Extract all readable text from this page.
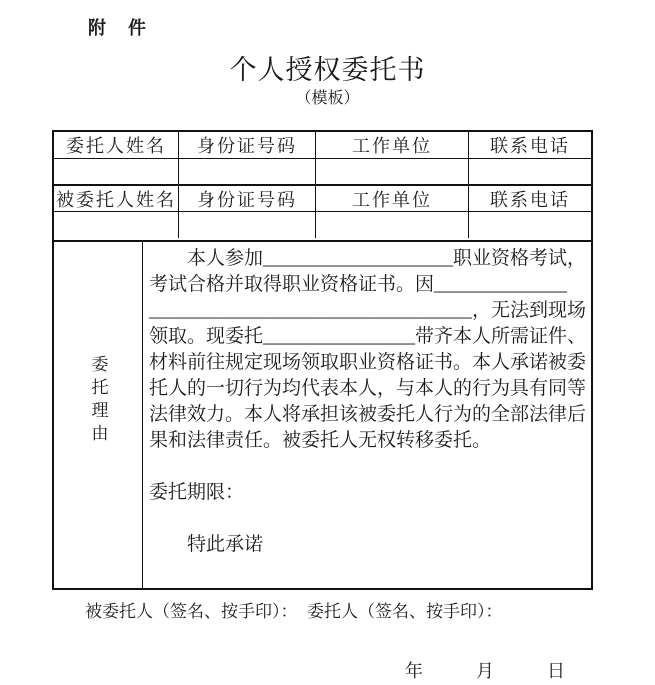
附　件
个人授权委托书
（模板）
委托人姓名	身份证号码	工作单位	联系电话
被委托人姓名	身份证号码	工作单位	联系电话
委托理由
　　本人参加____________________职业资格考试，
考试合格并取得职业资格证书。因______________
__________________________________，无法到现场
领取。现委托________________带齐本人所需证件、
材料前往规定现场领取职业资格证书。本人承诺被委
托人的一切行为均代表本人，与本人的行为具有同等
法律效力。本人将承担该被委托人行为的全部法律后
果和法律责任。被委托人无权转移委托。
委托期限：
　　特此承诺
被委托人（签名、按手印）： 委托人（签名、按手印）：
年	月	日
